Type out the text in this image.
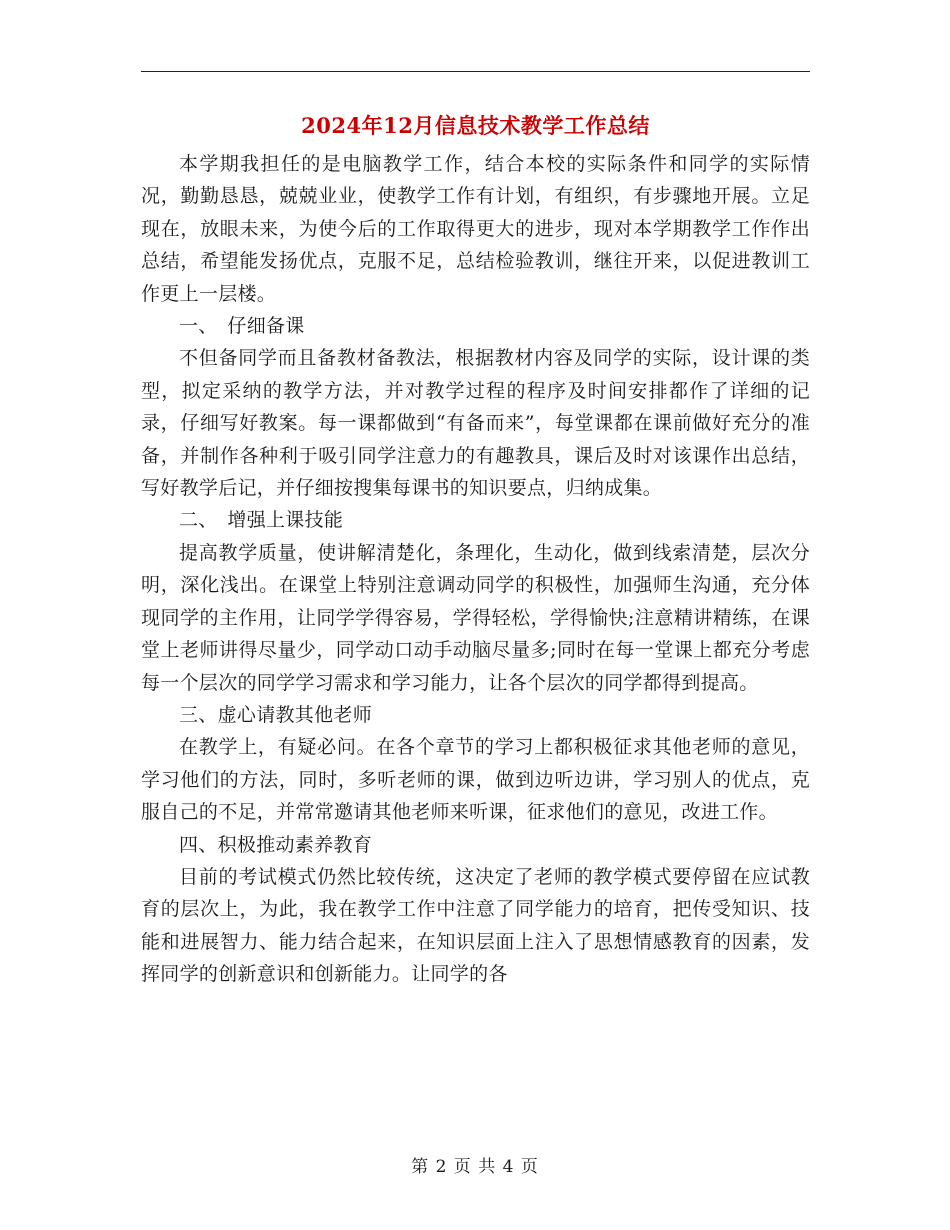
2024年12月信息技术教学工作总结

本学期我担任的是电脑教学工作，结合本校的实际条件和同学的实际情况，勤勤恳恳，兢兢业业，使教学工作有计划，有组织，有步骤地开展。立足现在，放眼未来，为使今后的工作取得更大的进步，现对本学期教学工作作出总结，希望能发扬优点，克服不足，总结检验教训，继往开来，以促进教训工作更上一层楼。

一、　仔细备课

不但备同学而且备教材备教法，根据教材内容及同学的实际，设计课的类型，拟定采纳的教学方法，并对教学过程的程序及时间安排都作了详细的记录，仔细写好教案。每一课都做到“有备而来”，每堂课都在课前做好充分的准备，并制作各种利于吸引同学注意力的有趣教具，课后及时对该课作出总结，写好教学后记，并仔细按搜集每课书的知识要点，归纳成集。

二、　增强上课技能

提高教学质量，使讲解清楚化，条理化，生动化，做到线索清楚，层次分明，深化浅出。在课堂上特别注意调动同学的积极性，加强师生沟通，充分体现同学的主作用，让同学学得容易，学得轻松，学得愉快;注意精讲精练，在课堂上老师讲得尽量少，同学动口动手动脑尽量多;同时在每一堂课上都充分考虑每一个层次的同学学习需求和学习能力，让各个层次的同学都得到提高。

三、虚心请教其他老师

在教学上，有疑必问。在各个章节的学习上都积极征求其他老师的意见，学习他们的方法，同时，多听老师的课，做到边听边讲，学习别人的优点，克服自己的不足，并常常邀请其他老师来听课，征求他们的意见，改进工作。

四、积极推动素养教育

目前的考试模式仍然比较传统，这决定了老师的教学模式要停留在应试教育的层次上，为此，我在教学工作中注意了同学能力的培育，把传受知识、技能和进展智力、能力结合起来，在知识层面上注入了思想情感教育的因素，发挥同学的创新意识和创新能力。让同学的各

第 2 页 共 4 页
